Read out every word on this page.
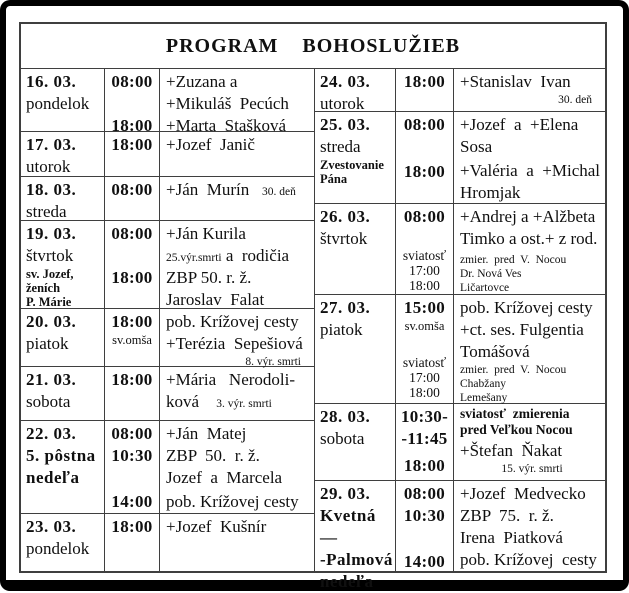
PROGRAM    BOHOSLUŽIEB
16. 03.
pondelok
08:00
18:00
+Zuzana a
+Mikuláš  Pecúch
+Marta  Stašková
17. 03.
utorok
18:00 +Jozef  Janič
18. 03.
streda
08:00 +Ján  Murín   30. deň
19. 03.
štvrtok
sv. Jozef,
ženích
P. Márie
08:00
18:00
+Ján Kurila
25.výr.smrti a  rodičia
ZBP 50. r. ž.
Jaroslav  Falat
20. 03.
piatok
18:00
sv.omša
pob. Krížovej cesty
+Terézia  Sepešiová
8. výr. smrti
21. 03.
sobota
18:00 +Mária   Nerodoli-
ková      3. výr. smrti
22. 03.
5. pôstna
nedeľa
08:00
10:30
14:00
+Ján  Matej
ZBP  50.  r. ž.
Jozef  a  Marcela
pob. Krížovej cesty
23. 03.
pondelok
18:00 +Jozef  Kušnír
24. 03.
utorok
18:00 +Stanislav  Ivan
30. deň
25. 03.
streda
Zvestovanie
Pána
08:00
18:00
+Jozef  a  +Elena
Sosa
+Valéria  a  +Michal
Hromjak
26. 03.
štvrtok
08:00
sviatosť
17:00
18:00
+Andrej a +Alžbeta
Timko a ost.+ z rod.
zmier.  pred  V.  Nocou
Dr. Nová Ves
Ličartovce
27. 03.
piatok
15:00
sv.omša
sviatosť
17:00
18:00
pob. Krížovej cesty
+ct. ses. Fulgentia
Tomášová
zmier.  pred  V.  Nocou
Chabžany
Lemešany
28. 03.
sobota
10:30-
-11:45
18:00
sviatosť  zmierenia
pred Veľkou Nocou
+Štefan  Ňakat
15. výr. smrti
29. 03.
Kvetná —
-Palmová
nedeľa
08:00
10:30
14:00
+Jozef  Medvecko
ZBP  75.  r. ž.
Irena  Piatková
pob. Krížovej  cesty
